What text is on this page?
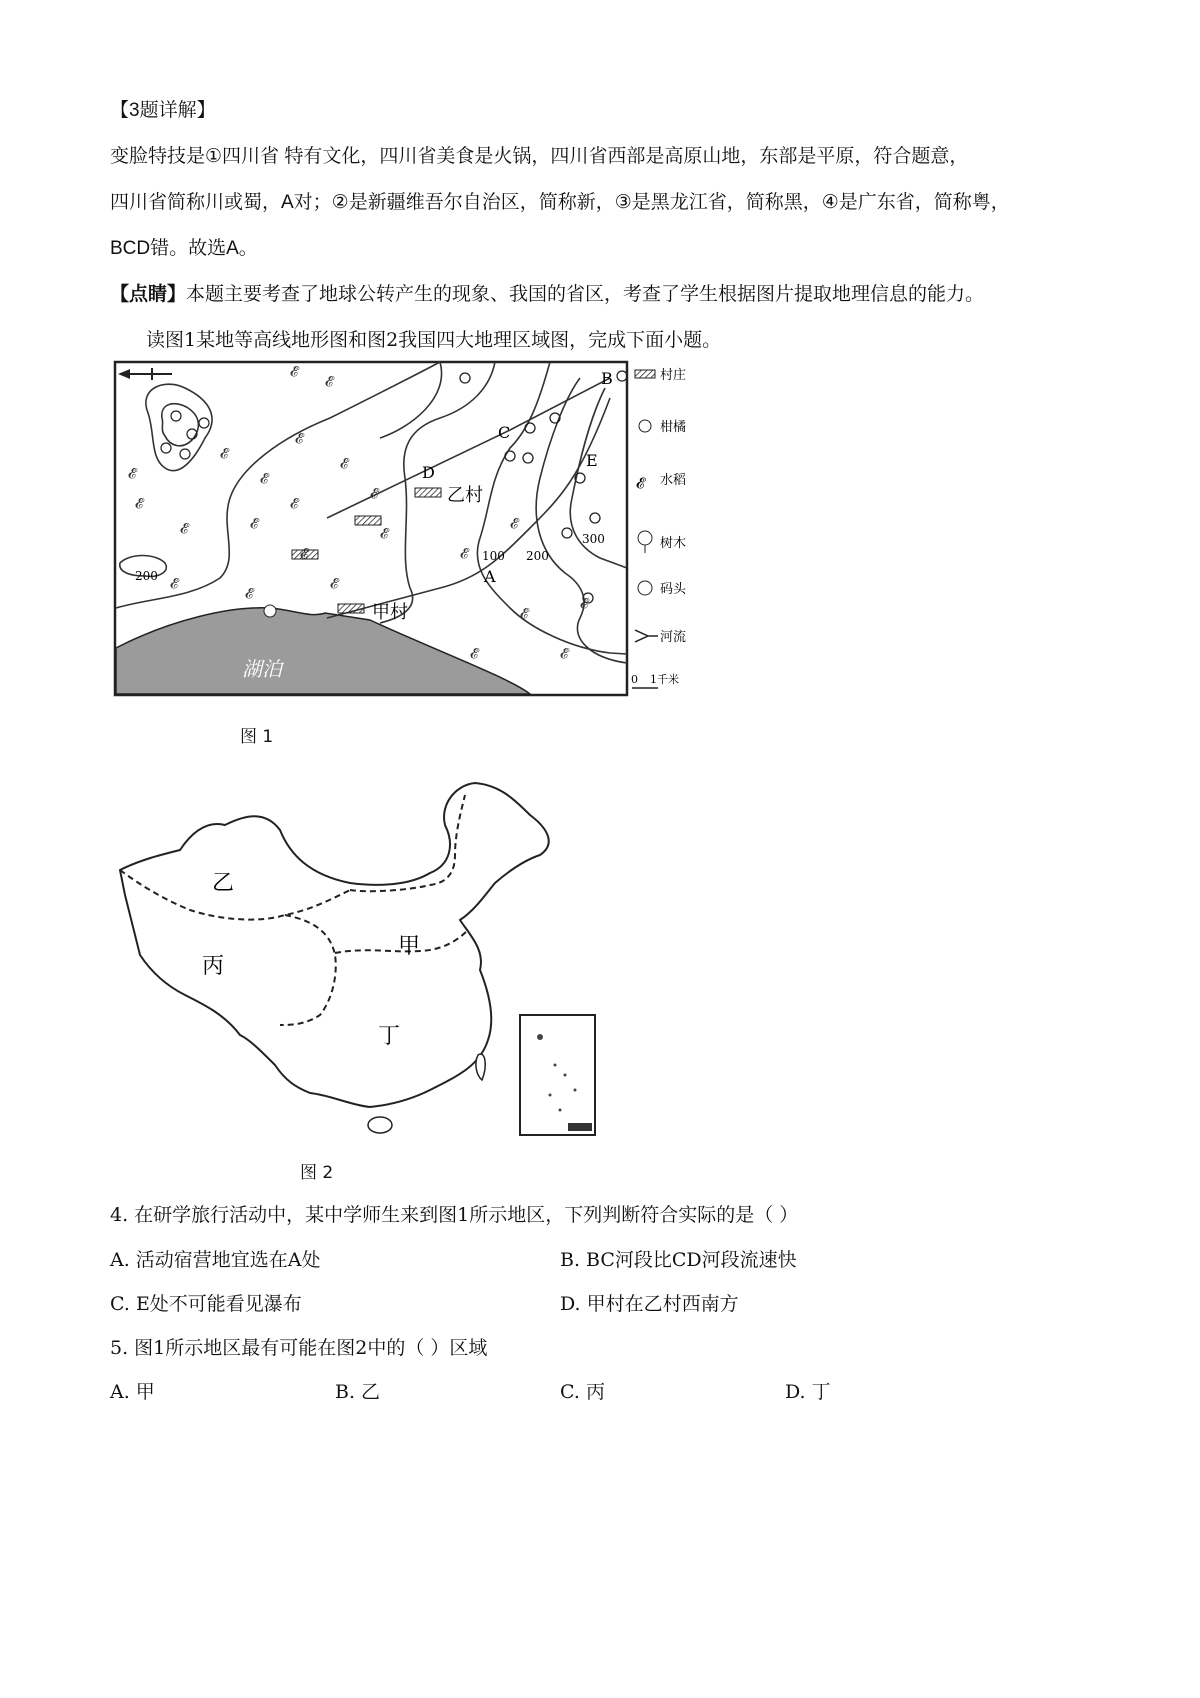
【3题详解】
变脸特技是①四川省 特有文化，四川省美食是火锅，四川省西部是高原山地，东部是平原，符合题意，
四川省简称川或蜀，A对；②是新疆维吾尔自治区，简称新，③是黑龙江省，简称黑，④是广东省，简称粤，
BCD错。故选A。
【点睛】本题主要考查了地球公转产生的现象、我国的省区，考查了学生根据图片提取地理信息的能力。
读图1某地等高线地形图和图2我国四大地理区域图，完成下面小题。
200
100 200
300
𝓔
𝓔
𝓔
𝓔
𝓔
𝓔
𝓔
𝓔
𝓔
𝓔
𝓔
𝓔
𝓔
𝓔
𝓔
𝓔
𝓔
𝓔	𝓔
𝓔
𝓔
𝓔
乙村
甲村
湖泊
A
B
C
D
E
村庄
柑橘
𝓔 水稻
树木
码头
河流
0 1千米
图 1
乙
丙
甲
丁
图 2
4. 在研学旅行活动中，某中学师生来到图1所示地区，下列判断符合实际的是（ ）
A. 活动宿营地宜选在A处	B. BC河段比CD河段流速快
C. E处不可能看见瀑布	D. 甲村在乙村西南方
5. 图1所示地区最有可能在图2中的（ ）区域
A. 甲	B. 乙	C. 丙	D. 丁
